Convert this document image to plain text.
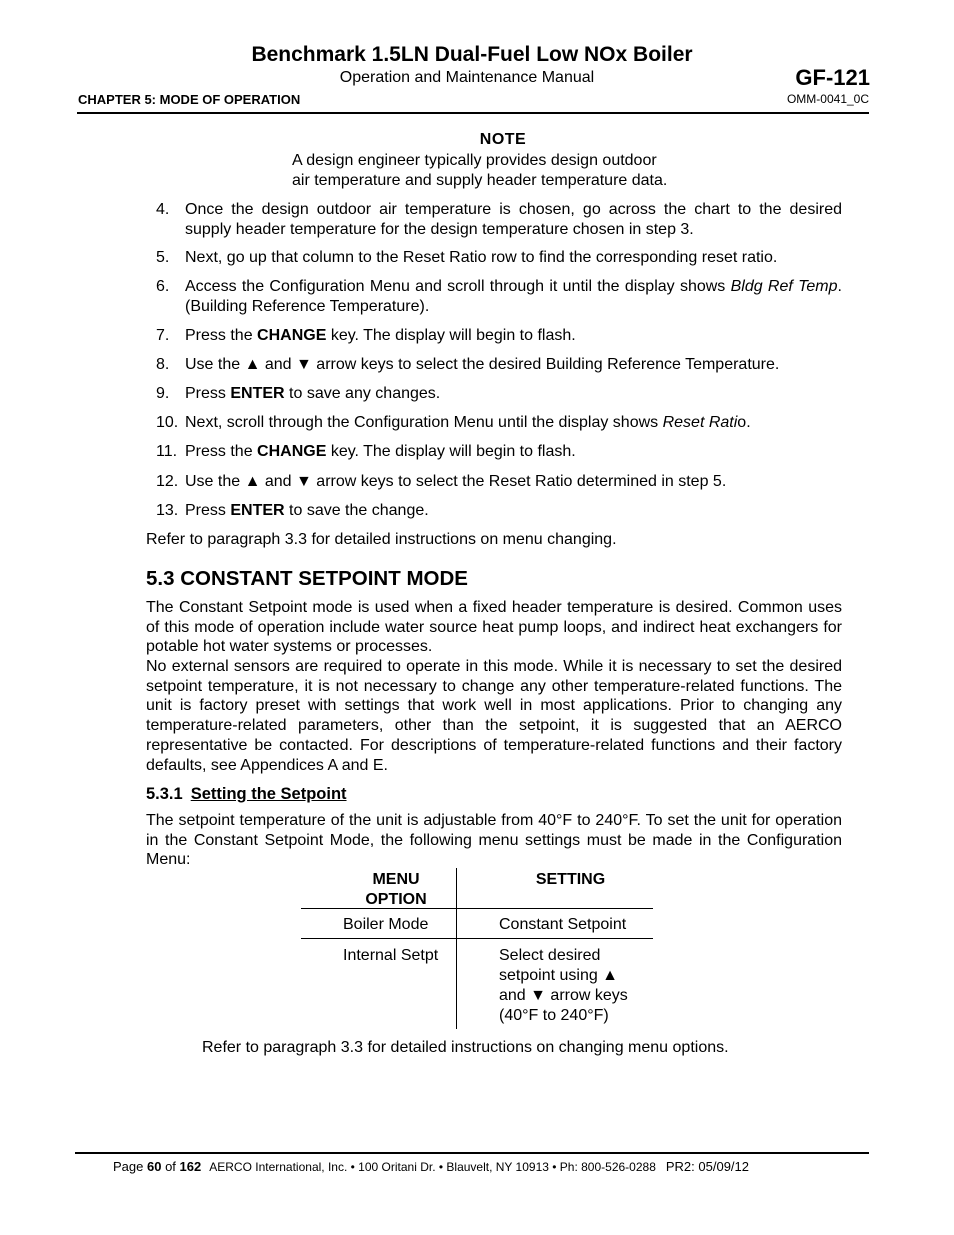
Benchmark 1.5LN Dual-Fuel Low NOx Boiler
Operation and Maintenance Manual
CHAPTER 5: MODE OF OPERATION
GF-121
OMM-0041_0C
NOTE
A design engineer typically provides design outdoor
air temperature and supply header temperature data.
4. Once the design outdoor air temperature is chosen, go across the chart to the desired supply header temperature for the design temperature chosen in step 3.
5. Next, go up that column to the Reset Ratio row to find the corresponding reset ratio.
6. Access the Configuration Menu and scroll through it until the display shows Bldg Ref Temp. (Building Reference Temperature).
7. Press the CHANGE key. The display will begin to flash.
8. Use the ▲ and ▼ arrow keys to select the desired Building Reference Temperature.
9. Press ENTER to save any changes.
10. Next, scroll through the Configuration Menu until the display shows Reset Ratio.
11. Press the CHANGE key. The display will begin to flash.
12. Use the ▲ and ▼ arrow keys to select the Reset Ratio determined in step 5.
13. Press ENTER to save the change.
Refer to paragraph 3.3 for detailed instructions on menu changing.
5.3 CONSTANT SETPOINT MODE
The Constant Setpoint mode is used when a fixed header temperature is desired. Common uses of this mode of operation include water source heat pump loops, and indirect heat exchangers for potable hot water systems or processes.
No external sensors are required to operate in this mode. While it is necessary to set the desired setpoint temperature, it is not necessary to change any other temperature-related functions. The unit is factory preset with settings that work well in most applications. Prior to changing any temperature-related parameters, other than the setpoint, it is suggested that an AERCO representative be contacted. For descriptions of temperature-related functions and their factory defaults, see Appendices A and E.
5.3.1 Setting the Setpoint
The setpoint temperature of the unit is adjustable from 40°F to 240°F. To set the unit for operation in the Constant Setpoint Mode, the following menu settings must be made in the Configuration Menu:
MENU
OPTION
SETTING
Boiler Mode	Constant Setpoint
Internal Setpt	Select desired
setpoint using ▲
and ▼ arrow keys
(40°F to 240°F)
Refer to paragraph 3.3 for detailed instructions on changing menu options.
Page 60 of 162 AERCO International, Inc. • 100 Oritani Dr. • Blauvelt, NY 10913 • Ph: 800-526-0288 PR2: 05/09/12
